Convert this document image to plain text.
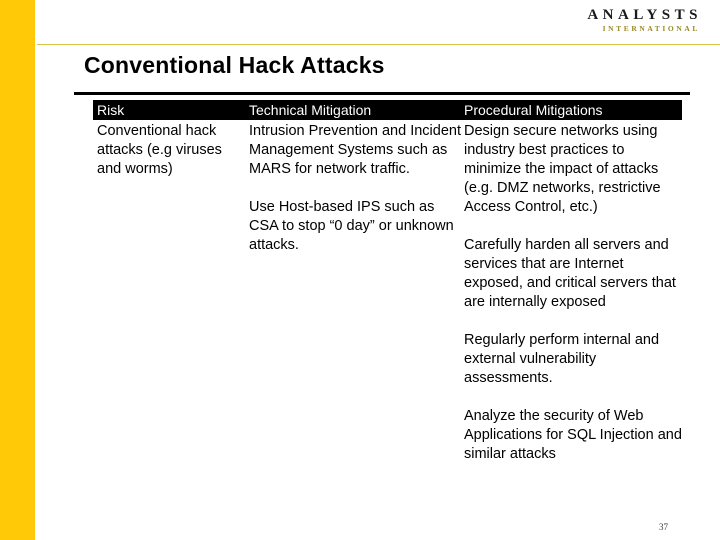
ANALYSTS
INTERNATIONAL
Conventional Hack Attacks
Risk	Technical Mitigation	Procedural Mitigations

Conventional hack attacks (e.g viruses and worms)

Intrusion Prevention and Incident Management Systems such as MARS for network traffic.

Use Host-based IPS such as CSA to stop “0 day” or unknown attacks.

Design secure networks using industry best practices to minimize the impact of attacks (e.g. DMZ networks, restrictive Access Control, etc.)

Carefully harden all servers and services that are Internet exposed, and critical servers that are internally exposed

Regularly perform internal and external vulnerability assessments.

Analyze the security of Web Applications for SQL Injection and similar attacks

37
